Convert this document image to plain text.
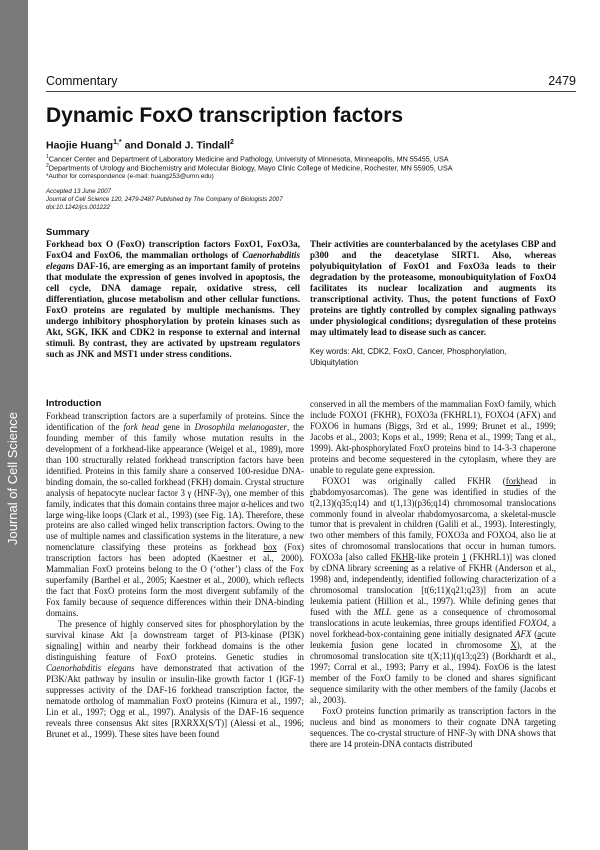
Journal of Cell Science
Commentary	2479
Dynamic FoxO transcription factors
Haojie Huang$^{1,*}$ and Donald J. Tindall$^2$
$^1$Cancer Center and Department of Laboratory Medicine and Pathology, University of Minnesota, Minneapolis, MN 55455, USA
$^2$Departments of Urology and Biochemistry and Molecular Biology, Mayo Clinic College of Medicine, Rochester, MN 55905, USA
*Author for correspondence (e-mail: huang253@umn.edu)
Accepted 13 June 2007
Journal of Cell Science 120, 2479-2487 Published by The Company of Biologists 2007
doi:10.1242/jcs.001222
Summary
Forkhead box O (FoxO) transcription factors FoxO1, FoxO3a, FoxO4 and FoxO6, the mammalian orthologs of Caenorhabditis elegans DAF-16, are emerging as an important family of proteins that modulate the expression of genes involved in apoptosis, the cell cycle, DNA damage repair, oxidative stress, cell differentiation, glucose metabolism and other cellular functions. FoxO proteins are regulated by multiple mechanisms. They undergo inhibitory phosphorylation by protein kinases such as Akt, SGK, IKK and CDK2 in response to external and internal stimuli. By contrast, they are activated by upstream regulators such as JNK and MST1 under stress conditions.
Their activities are counterbalanced by the acetylases CBP and p300 and the deacetylase SIRT1. Also, whereas polyubiquitylation of FoxO1 and FoxO3a leads to their degradation by the proteasome, monoubiquitylation of FoxO4 facilitates its nuclear localization and augments its transcriptional activity. Thus, the potent functions of FoxO proteins are tightly controlled by complex signaling pathways under physiological conditions; dysregulation of these proteins may ultimately lead to disease such as cancer.
Key words: Akt, CDK2, FoxO, Cancer, Phosphorylation, Ubiquitylation
Introduction

Forkhead transcription factors are a superfamily of proteins. Since the identification of the fork head gene in Drosophila melanogaster, the founding member of this family whose mutation results in the development of a forkhead-like appearance (Weigel et al., 1989), more than 100 structurally related forkhead transcription factors have been identified. Proteins in this family share a conserved 100-residue DNA-binding domain, the so-called forkhead (FKH) domain. Crystal structure analysis of hepatocyte nuclear factor 3 γ (HNF-3γ), one member of this family, indicates that this domain contains three major α-helices and two large wing-like loops (Clark et al., 1993) (see Fig. 1A). Therefore, these proteins are also called winged helix transcription factors. Owing to the use of multiple names and classification systems in the literature, a new nomenclature classifying these proteins as forkhead box (Fox) transcription factors has been adopted (Kaestner et al., 2000). Mammalian FoxO proteins belong to the O (‘other’) class of the Fox superfamily (Barthel et al., 2005; Kaestner et al., 2000), which reflects the fact that FoxO proteins form the most divergent subfamily of the Fox family because of sequence differences within their DNA-binding domains.

The presence of highly conserved sites for phosphorylation by the survival kinase Akt [a downstream target of PI3-kinase (PI3K) signaling] within and nearby their forkhead domains is the other distinguishing feature of FoxO proteins. Genetic studies in Caenorhabditis elegans have demonstrated that activation of the PI3K/Akt pathway by insulin or insulin-like growth factor 1 (IGF-1) suppresses activity of the DAF-16 forkhead transcription factor, the nematode ortholog of mammalian FoxO proteins (Kimura et al., 1997; Lin et al., 1997; Ogg et al., 1997). Analysis of the DAF-16 sequence reveals three consensus Akt sites [RXRXX(S/T)] (Alessi et al., 1996; Brunet et al., 1999). These sites have been found

conserved in all the members of the mammalian FoxO family, which include FOXO1 (FKHR), FOXO3a (FKHRL1), FOXO4 (AFX) and FOXO6 in humans (Biggs, 3rd et al., 1999; Brunet et al., 1999; Jacobs et al., 2003; Kops et al., 1999; Rena et al., 1999; Tang et al., 1999). Akt-phosphorylated FoxO proteins bind to 14-3-3 chaperone proteins and become sequestered in the cytoplasm, where they are unable to regulate gene expression.

FOXO1 was originally called FKHR (forkhead in rhabdomyosarcomas). The gene was identified in studies of the t(2,13)(q35;q14) and t(1,13)(p36;q14) chromosomal translocations commonly found in alveolar rhabdomyosarcoma, a skeletal-muscle tumor that is prevalent in children (Galili et al., 1993). Interestingly, two other members of this family, FOXO3a and FOXO4, also lie at sites of chromosomal translocations that occur in human tumors. FOXO3a [also called FKHR-like protein 1 (FKHRL1)] was cloned by cDNA library screening as a relative of FKHR (Anderson et al., 1998) and, independently, identified following characterization of a chromosomal translocation [t(6;11)(q21;q23)] from an acute leukemia patient (Hillion et al., 1997). While defining genes that fused with the MLL gene as a consequence of chromosomal translocations in acute leukemias, three groups identified FOXO4, a novel forkhead-box-containing gene initially designated AFX (acute leukemia fusion gene located in chromosome X), at the chromosomal translocation site t(X;11)(q13;q23) (Borkhardt et al., 1997; Corral et al., 1993; Parry et al., 1994). FoxO6 is the latest member of the FoxO family to be cloned and shares significant sequence similarity with the other members of the family (Jacobs et al., 2003).

FoxO proteins function primarily as transcription factors in the nucleus and bind as monomers to their cognate DNA targeting sequences. The co-crystal structure of HNF-3γ with DNA shows that there are 14 protein-DNA contacts distributed
